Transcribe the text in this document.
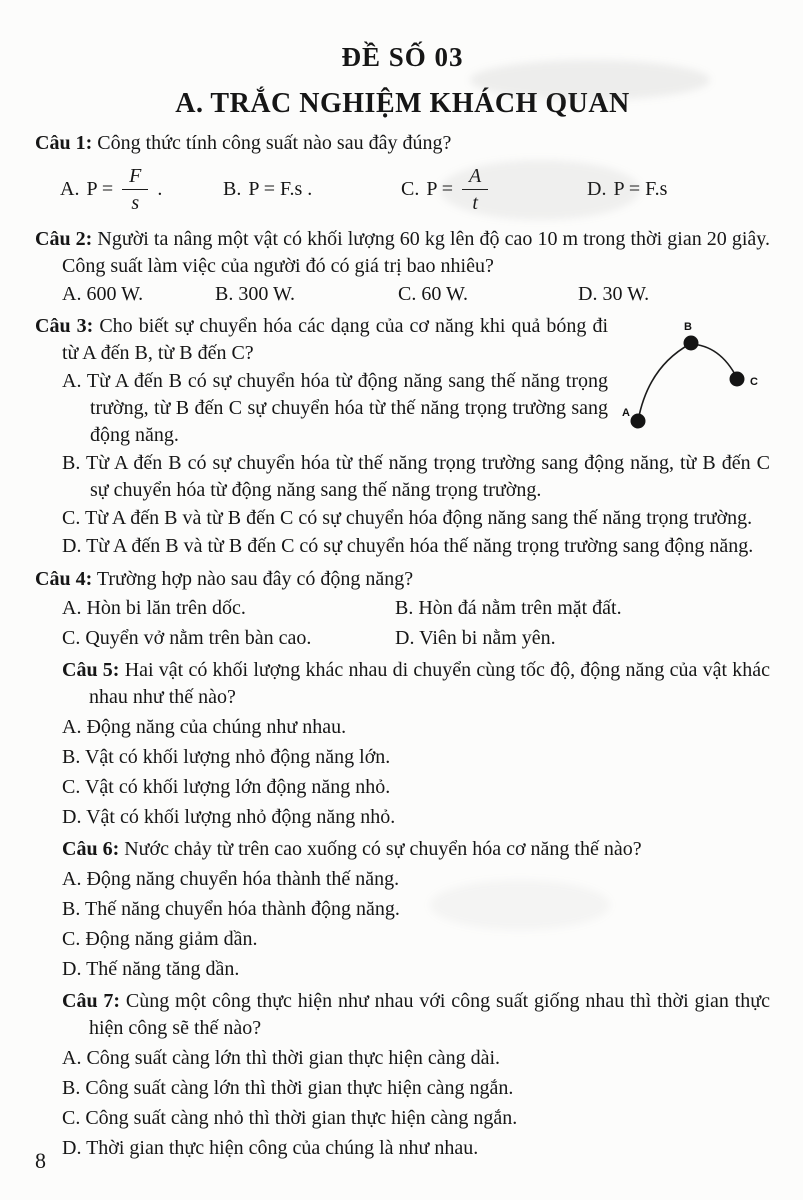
ĐỀ SỐ 03
A. TRẮC NGHIỆM KHÁCH QUAN

Câu 1: Công thức tính công suất nào sau đây đúng?

A. $P = \frac{F}{s}$ .	B. P = F.s .	C. $P = \frac{A}{t}$	D. P = F.s

Câu 2: Người ta nâng một vật có khối lượng 60 kg lên độ cao 10 m trong thời gian 20 giây. Công suất làm việc của người đó có giá trị bao nhiêu?

A. 600 W.	B. 300 W.	C. 60 W.	D. 30 W.
A
B
C

Câu 3: Cho biết sự chuyển hóa các dạng của cơ năng khi quả bóng đi từ A đến B, từ B đến C?

A. Từ A đến B có sự chuyển hóa từ động năng sang thế năng trọng trường, từ B đến C sự chuyển hóa từ thế năng trọng trường sang động năng.

B. Từ A đến B có sự chuyển hóa từ thế năng trọng trường sang động năng, từ B đến C sự chuyển hóa từ động năng sang thế năng trọng trường.

C. Từ A đến B và từ B đến C có sự chuyển hóa động năng sang thế năng trọng trường.

D. Từ A đến B và từ B đến C có sự chuyển hóa thế năng trọng trường sang động năng.

Câu 4: Trường hợp nào sau đây có động năng?

A. Hòn bi lăn trên dốc.	B. Hòn đá nằm trên mặt đất.
C. Quyển vở nằm trên bàn cao.	D. Viên bi nằm yên.

Câu 5: Hai vật có khối lượng khác nhau di chuyển cùng tốc độ, động năng của vật khác nhau như thế nào?

A. Động năng của chúng như nhau.

B. Vật có khối lượng nhỏ động năng lớn.

C. Vật có khối lượng lớn động năng nhỏ.

D. Vật có khối lượng nhỏ động năng nhỏ.

Câu 6: Nước chảy từ trên cao xuống có sự chuyển hóa cơ năng thế nào?

A. Động năng chuyển hóa thành thế năng.

B. Thế năng chuyển hóa thành động năng.

C. Động năng giảm dần.

D. Thế năng tăng dần.

Câu 7: Cùng một công thực hiện như nhau với công suất giống nhau thì thời gian thực hiện công sẽ thế nào?

A. Công suất càng lớn thì thời gian thực hiện càng dài.

B. Công suất càng lớn thì thời gian thực hiện càng ngắn.

C. Công suất càng nhỏ thì thời gian thực hiện càng ngắn.

D. Thời gian thực hiện công của chúng là như nhau.

8
